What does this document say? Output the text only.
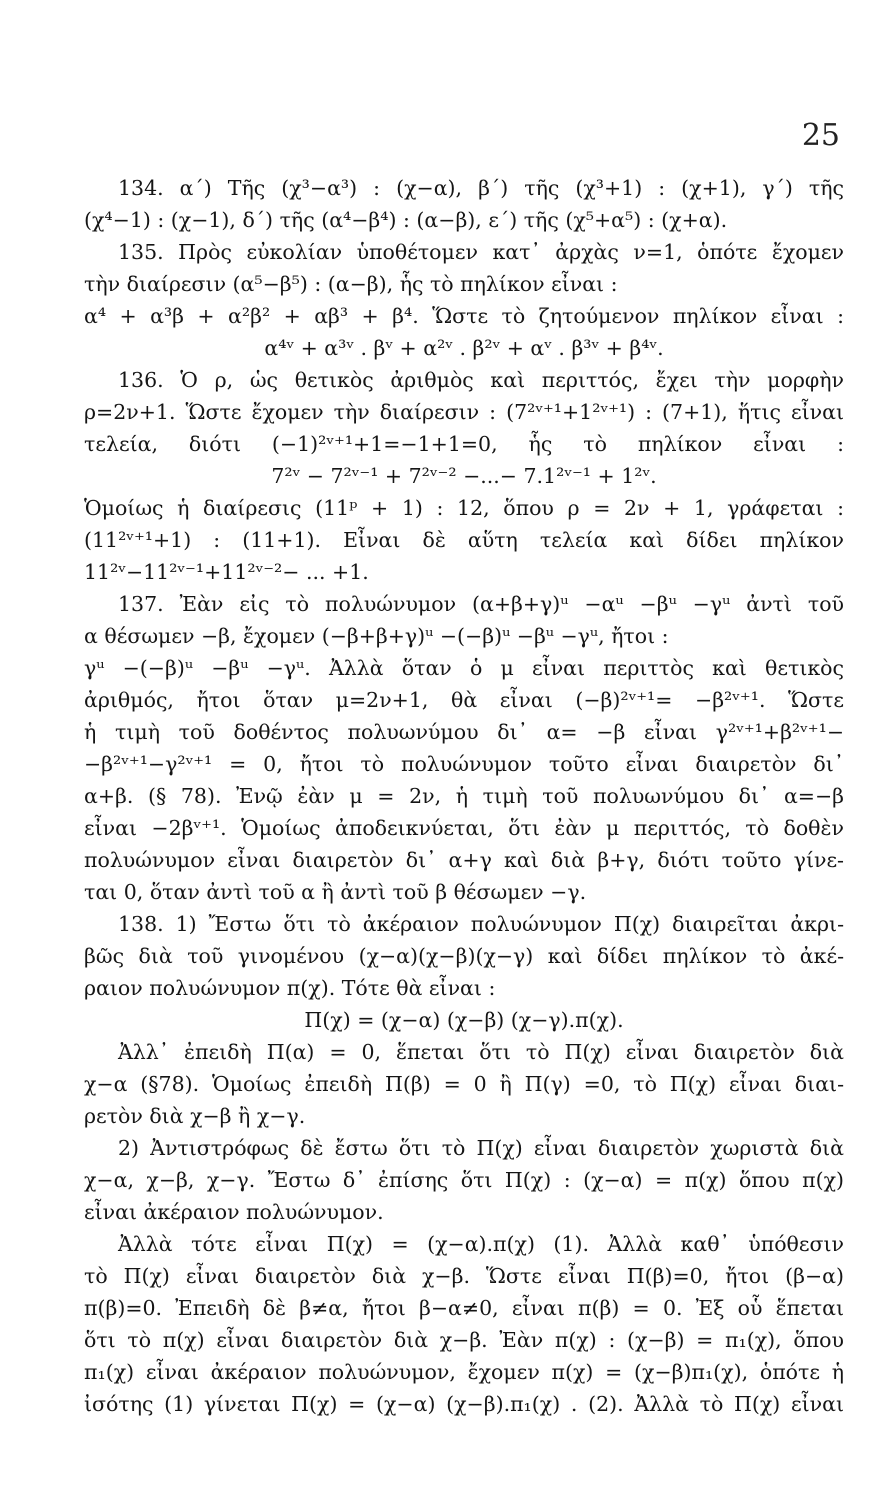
25
134. α΄) Τῆς (χ³−α³) : (χ−α), β΄) τῆς (χ³+1) : (χ+1), γ΄) τῆς
(χ⁴−1) : (χ−1), δ΄) τῆς (α⁴−β⁴) : (α−β), ε΄) τῆς (χ⁵+α⁵) : (χ+α).
135. Πρὸς εὐκολίαν ὑποθέτομεν κατ᾽ ἀρχὰς ν=1, ὁπότε ἔχομεν
τὴν διαίρεσιν (α⁵−β⁵) : (α−β), ἧς τὸ πηλίκον εἶναι :
α⁴ + α³β + α²β² + αβ³ + β⁴. Ὥστε τὸ ζητούμενον πηλίκον εἶναι :
α⁴ᵛ + α³ᵛ . βᵛ + α²ᵛ . β²ᵛ + αᵛ . β³ᵛ + β⁴ᵛ.
136. Ὁ ρ, ὡς θετικὸς ἀριθμὸς καὶ περιττός, ἔχει τὴν μορφὴν
ρ=2ν+1. Ὥστε ἔχομεν τὴν διαίρεσιν : (7²ᵛ⁺¹+1²ᵛ⁺¹) : (7+1), ἥτις εἶναι
τελεία, διότι (−1)²ᵛ⁺¹+1=−1+1=0, ἧς τὸ πηλίκον εἶναι :
7²ᵛ − 7²ᵛ⁻¹ + 7²ᵛ⁻² −...− 7.1²ᵛ⁻¹ + 1²ᵛ.
Ὁμοίως ἡ διαίρεσις (11ᵖ + 1) : 12, ὅπου ρ = 2ν + 1, γράφεται :
(11²ᵛ⁺¹+1) : (11+1). Εἶναι δὲ αὕτη τελεία καὶ δίδει πηλίκον
11²ᵛ−11²ᵛ⁻¹+11²ᵛ⁻²− ... +1.
137. Ἐὰν εἰς τὸ πολυώνυμον (α+β+γ)ᵘ −αᵘ −βᵘ −γᵘ ἀντὶ τοῦ
α θέσωμεν −β, ἔχομεν (−β+β+γ)ᵘ −(−β)ᵘ −βᵘ −γᵘ, ἤτοι :
γᵘ −(−β)ᵘ −βᵘ −γᵘ. Ἀλλὰ ὅταν ὁ μ εἶναι περιττὸς καὶ θετικὸς
ἀριθμός, ἤτοι ὅταν μ=2ν+1, θὰ εἶναι (−β)²ᵛ⁺¹= −β²ᵛ⁺¹. Ὥστε
ἡ τιμὴ τοῦ δοθέντος πολυωνύμου δι᾽ α= −β εἶναι γ²ᵛ⁺¹+β²ᵛ⁺¹−
−β²ᵛ⁺¹−γ²ᵛ⁺¹ = 0, ἤτοι τὸ πολυώνυμον τοῦτο εἶναι διαιρετὸν δι᾽
α+β. (§ 78). Ἐνῷ ἐὰν μ = 2ν, ἡ τιμὴ τοῦ πολυωνύμου δι᾽ α=−β
εἶναι −2βᵛ⁺¹. Ὁμοίως ἀποδεικνύεται, ὅτι ἐὰν μ περιττός, τὸ δοθὲν
πολυώνυμον εἶναι διαιρετὸν δι᾽ α+γ καὶ διὰ β+γ, διότι τοῦτο γίνε-
ται 0, ὅταν ἀντὶ τοῦ α ἢ ἀντὶ τοῦ β θέσωμεν −γ.
138. 1) Ἔστω ὅτι τὸ ἀκέραιον πολυώνυμον Π(χ) διαιρεῖται ἀκρι-
βῶς διὰ τοῦ γινομένου (χ−α)(χ−β)(χ−γ) καὶ δίδει πηλίκον τὸ ἀκέ-
ραιον πολυώνυμον π(χ). Τότε θὰ εἶναι :
Π(χ) = (χ−α) (χ−β) (χ−γ).π(χ).
Ἀλλ᾽ ἐπειδὴ Π(α) = 0, ἕπεται ὅτι τὸ Π(χ) εἶναι διαιρετὸν διὰ
χ−α (§78). Ὁμοίως ἐπειδὴ Π(β) = 0 ἢ Π(γ) =0, τὸ Π(χ) εἶναι διαι-
ρετὸν διὰ χ−β ἢ χ−γ.
2) Ἀντιστρόφως δὲ ἔστω ὅτι τὸ Π(χ) εἶναι διαιρετὸν χωριστὰ διὰ
χ−α, χ−β, χ−γ. Ἔστω δ᾽ ἐπίσης ὅτι Π(χ) : (χ−α) = π(χ) ὅπου π(χ)
εἶναι ἀκέραιον πολυώνυμον.
Ἀλλὰ τότε εἶναι Π(χ) = (χ−α).π(χ) (1). Ἀλλὰ καθ᾽ ὑπόθεσιν
τὸ Π(χ) εἶναι διαιρετὸν διὰ χ−β. Ὥστε εἶναι Π(β)=0, ἤτοι (β−α)
π(β)=0. Ἐπειδὴ δὲ β≠α, ἤτοι β−α≠0, εἶναι π(β) = 0. Ἐξ οὗ ἕπεται
ὅτι τὸ π(χ) εἶναι διαιρετὸν διὰ χ−β. Ἐὰν π(χ) : (χ−β) = π₁(χ), ὅπου
π₁(χ) εἶναι ἀκέραιον πολυώνυμον, ἔχομεν π(χ) = (χ−β)π₁(χ), ὁπότε ἡ
ἰσότης (1) γίνεται Π(χ) = (χ−α) (χ−β).π₁(χ) . (2). Ἀλλὰ τὸ Π(χ) εἶναι
